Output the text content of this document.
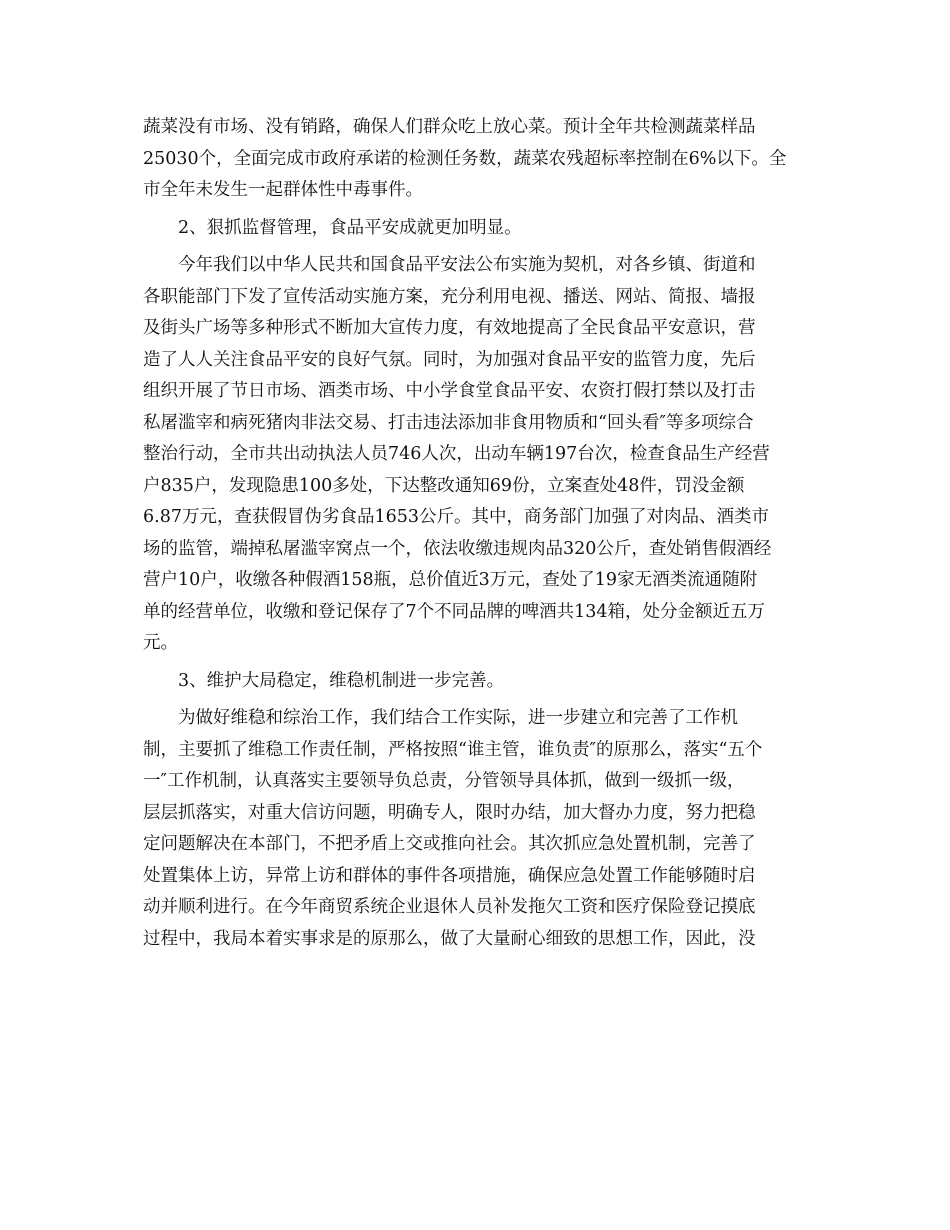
蔬菜没有市场、没有销路，确保人们群众吃上放心菜。预计全年共检测蔬菜样品
25030个，全面完成市政府承诺的检测任务数，蔬菜农残超标率控制在6%以下。全
市全年未发生一起群体性中毒事件。
2、狠抓监督管理，食品平安成就更加明显。
今年我们以中华人民共和国食品平安法公布实施为契机，对各乡镇、街道和
各职能部门下发了宣传活动实施方案，充分利用电视、播送、网站、简报、墙报
及街头广场等多种形式不断加大宣传力度，有效地提高了全民食品平安意识，营
造了人人关注食品平安的良好气氛。同时，为加强对食品平安的监管力度，先后
组织开展了节日市场、酒类市场、中小学食堂食品平安、农资打假打禁以及打击
私屠滥宰和病死猪肉非法交易、打击违法添加非食用物质和“回头看″等多项综合
整治行动，全市共出动执法人员746人次，出动车辆197台次，检查食品生产经营
户835户，发现隐患100多处，下达整改通知69份，立案查处48件，罚没金额
6.87万元，查获假冒伪劣食品1653公斤。其中，商务部门加强了对肉品、酒类市
场的监管，端掉私屠滥宰窝点一个，依法收缴违规肉品320公斤，查处销售假酒经
营户10户，收缴各种假酒158瓶，总价值近3万元，查处了19家无酒类流通随附
单的经营单位，收缴和登记保存了7个不同品牌的啤酒共134箱，处分金额近五万
元。
3、维护大局稳定，维稳机制进一步完善。
为做好维稳和综治工作，我们结合工作实际，进一步建立和完善了工作机
制，主要抓了维稳工作责任制，严格按照“谁主管，谁负责″的原那么，落实“五个
一″工作机制，认真落实主要领导负总责，分管领导具体抓，做到一级抓一级，
层层抓落实，对重大信访问题，明确专人，限时办结，加大督办力度，努力把稳
定问题解决在本部门，不把矛盾上交或推向社会。其次抓应急处置机制，完善了
处置集体上访，异常上访和群体的事件各项措施，确保应急处置工作能够随时启
动并顺利进行。在今年商贸系统企业退休人员补发拖欠工资和医疗保险登记摸底
过程中，我局本着实事求是的原那么，做了大量耐心细致的思想工作，因此，没
